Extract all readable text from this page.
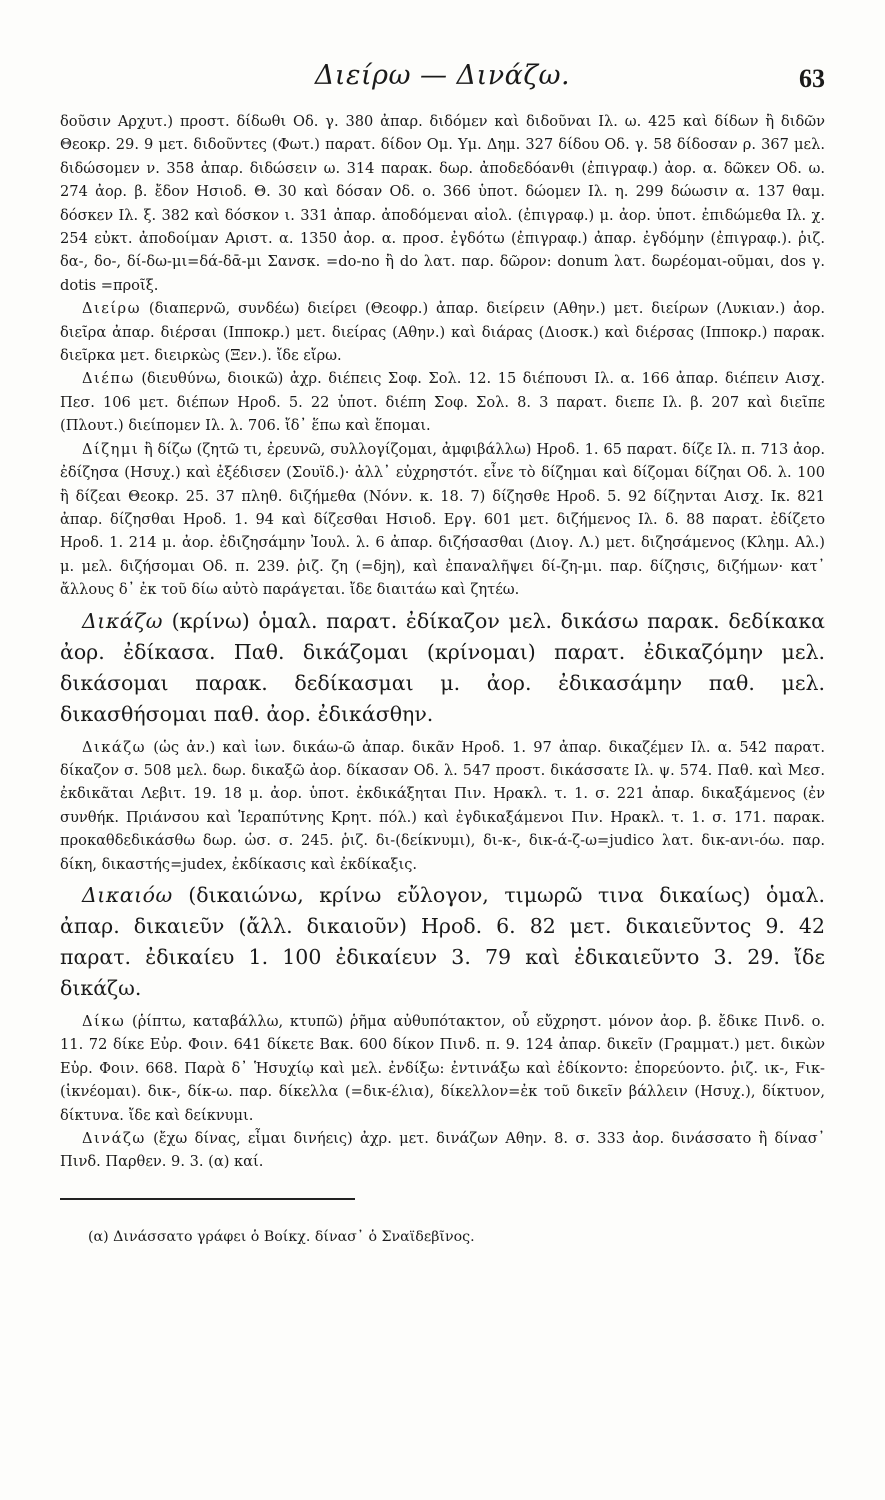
Διείρω — Δινάζω.	63

δοῦσιν Αρχυτ.) προστ. δίδωθι Οδ. γ. 380 ἀπαρ. διδόμεν καὶ διδοῦναι Ιλ. ω. 425 καὶ δίδων ἢ διδῶν Θεοκρ. 29. 9 μετ. διδοῦντες (Φωτ.) παρατ. δίδον Ομ. Υμ. Δημ. 327 δίδου Οδ. γ. 58 δίδοσαν ρ. 367 μελ. διδώσομεν ν. 358 ἀπαρ. διδώσειν ω. 314 παρακ. δωρ. ἀποδεδόανθι (ἐπιγραφ.) ἀορ. α. δῶκεν Οδ. ω. 274 ἀορ. β. ἔδον Ησιοδ. Θ. 30 καὶ δόσαν Οδ. ο. 366 ὑποτ. δώομεν Ιλ. η. 299 δώωσιν α. 137 θαμ. δόσκεν Ιλ. ξ. 382 καὶ δόσκον ι. 331 ἀπαρ. ἀποδόμεναι αἰολ. (ἐπιγραφ.) μ. ἀορ. ὑποτ. ἐπιδώμεθα Ιλ. χ. 254 εὐκτ. ἀποδοίμαν Αριστ. α. 1350 ἀορ. α. προσ. ἐγδότω (ἐπιγραφ.) ἀπαρ. ἐγδόμην (ἐπιγραφ.). ῥιζ. δα-, δο-, δί-δω-μι=δά-δᾱ-μι Σανσκ. =do-no ἢ do λατ. παρ. δῶρον: donum λατ. δωρέομαι-οῦμαι, dos γ. dotis =προῖξ.

Διείρω (διαπερνῶ, συνδέω) διείρει (Θεοφρ.) ἀπαρ. διείρειν (Αθην.) μετ. διείρων (Λυκιαν.) ἀορ. διεῖρα ἀπαρ. διέρσαι (Ιπποκρ.) μετ. διείρας (Αθην.) καὶ διάρας (Διοσκ.) καὶ διέρσας (Ιπποκρ.) παρακ. διεῖρκα μετ. διειρκὼς (Ξεν.). ἴδε εἴρω.

Διέπω (διευθύνω, διοικῶ) ἀχρ. διέπεις Σοφ. Σολ. 12. 15 διέπουσι Ιλ. α. 166 ἀπαρ. διέπειν Αισχ. Πεσ. 106 μετ. διέπων Ηροδ. 5. 22 ὑποτ. διέπη Σοφ. Σολ. 8. 3 παρατ. διεπε Ιλ. β. 207 καὶ διεῖπε (Πλουτ.) διείπομεν Ιλ. λ. 706. ἴδ᾽ ἕπω καὶ ἕπομαι.

Δίζημι ἢ δίζω (ζητῶ τι, ἐρευνῶ, συλλογίζομαι, ἀμφιβάλλω) Ηροδ. 1. 65 παρατ. δίζε Ιλ. π. 713 ἀορ. ἐδίζησα (Ησυχ.) καὶ ἐξέδισεν (Σουϊδ.)· ἀλλ᾽ εὐχρηστότ. εἶνε τὸ δίζημαι καὶ δίζομαι δίζηαι Οδ. λ. 100 ἢ δίζεαι Θεοκρ. 25. 37 πληθ. διζήμεθα (Νόνν. κ. 18. 7) δίζησθε Ηροδ. 5. 92 δίζηνται Αισχ. Ικ. 821 ἀπαρ. δίζησθαι Ηροδ. 1. 94 καὶ δίζεσθαι Ησιοδ. Εργ. 601 μετ. διζήμενος Ιλ. δ. 88 παρατ. ἐδίζετο Ηροδ. 1. 214 μ. ἀορ. ἐδιζησάμην Ἰουλ. λ. 6 ἀπαρ. διζήσασθαι (Διογ. Λ.) μετ. διζησάμενος (Κλημ. Αλ.) μ. μελ. διζήσομαι Οδ. π. 239. ῥιζ. ζη (=δjη), καὶ ἐπαναλῆψει δί-ζη-μι. παρ. δίζησις, διζήμων· κατ᾽ ἄλλους δ᾽ ἐκ τοῦ δίω αὐτὸ παράγεται. ἴδε διαιτάω καὶ ζητέω.

Δικάζω (κρίνω) ὁμαλ. παρατ. ἐδίκαζον μελ. δικάσω παρακ. δεδίκακα ἀορ. ἐδίκασα. Παθ. δικάζομαι (κρίνομαι) παρατ. ἐδικαζόμην μελ. δικάσομαι παρακ. δεδίκασμαι μ. ἀορ. ἐδικασάμην παθ. μελ. δικασθήσομαι παθ. ἀορ. ἐδικάσθην.

Δικάζω (ὡς ἀν.) καὶ ἰων. δικάω-ῶ ἀπαρ. δικᾶν Ηροδ. 1. 97 ἀπαρ. δικαζέμεν Ιλ. α. 542 παρατ. δίκαζον σ. 508 μελ. δωρ. δικαξῶ ἀορ. δίκασαν Οδ. λ. 547 προστ. δικάσσατε Ιλ. ψ. 574. Παθ. καὶ Μεσ. ἐκδικᾶται Λεβιτ. 19. 18 μ. ἀορ. ὑποτ. ἐκδικάξηται Πιν. Ηρακλ. τ. 1. σ. 221 ἀπαρ. δικαξάμενος (ἐν συνθήκ. Πριάνσου καὶ Ἱεραπύτνης Κρητ. πόλ.) καὶ ἐγδικαξάμενοι Πιν. Ηρακλ. τ. 1. σ. 171. παρακ. προκαθδεδικάσθω δωρ. ὡσ. σ. 245. ῥιζ. δι-(δείκνυμι), δι-κ-, δικ-ά-ζ-ω=judico λατ. δικ-ανι-όω. παρ. δίκη, δικαστής=judex, ἐκδίκασις καὶ ἐκδίκαξις.

Δικαιόω (δικαιώνω, κρίνω εὔλογον, τιμωρῶ τινα δικαίως) ὁμαλ. ἀπαρ. δικαιεῦν (ἄλλ. δικαιοῦν) Ηροδ. 6. 82 μετ. δικαιεῦντος 9. 42 παρατ. ἐδικαίευ 1. 100 ἐδικαίευν 3. 79 καὶ ἐδικαιεῦντο 3. 29. ἴδε δικάζω.

Δίκω (ῥίπτω, καταβάλλω, κτυπῶ) ῥῆμα αὐθυπότακτον, οὗ εὔχρηστ. μόνον ἀορ. β. ἔδικε Πινδ. ο. 11. 72 δίκε Εὐρ. Φοιν. 641 δίκετε Βακ. 600 δίκον Πινδ. π. 9. 124 ἀπαρ. δικεῖν (Γραμματ.) μετ. δικὼν Εὐρ. Φοιν. 668. Παρὰ δ᾽ Ἡσυχίῳ καὶ μελ. ἐνδίξω: ἐντινάξω καὶ ἐδίκοντο: ἐπορεύοντο. ῥιζ. ικ-, Fικ- (ἱκνέομαι). δικ-, δίκ-ω. παρ. δίκελλα (=δικ-έλια), δίκελλον=ἐκ τοῦ δικεῖν βάλλειν (Ησυχ.), δίκτυον, δίκτυνα. ἴδε καὶ δείκνυμι.

Δινάζω (ἔχω δίνας, εἶμαι δινήεις) ἀχρ. μετ. δινάζων Αθην. 8. σ. 333 ἀορ. δινάσσατο ἢ δίνασ᾽ Πινδ. Παρθεν. 9. 3. (α) καί.

(α) Δινάσσατο γράφει ὁ Βοίκχ. δίνασ᾽ ὁ Σναϊδεβῖνος.
